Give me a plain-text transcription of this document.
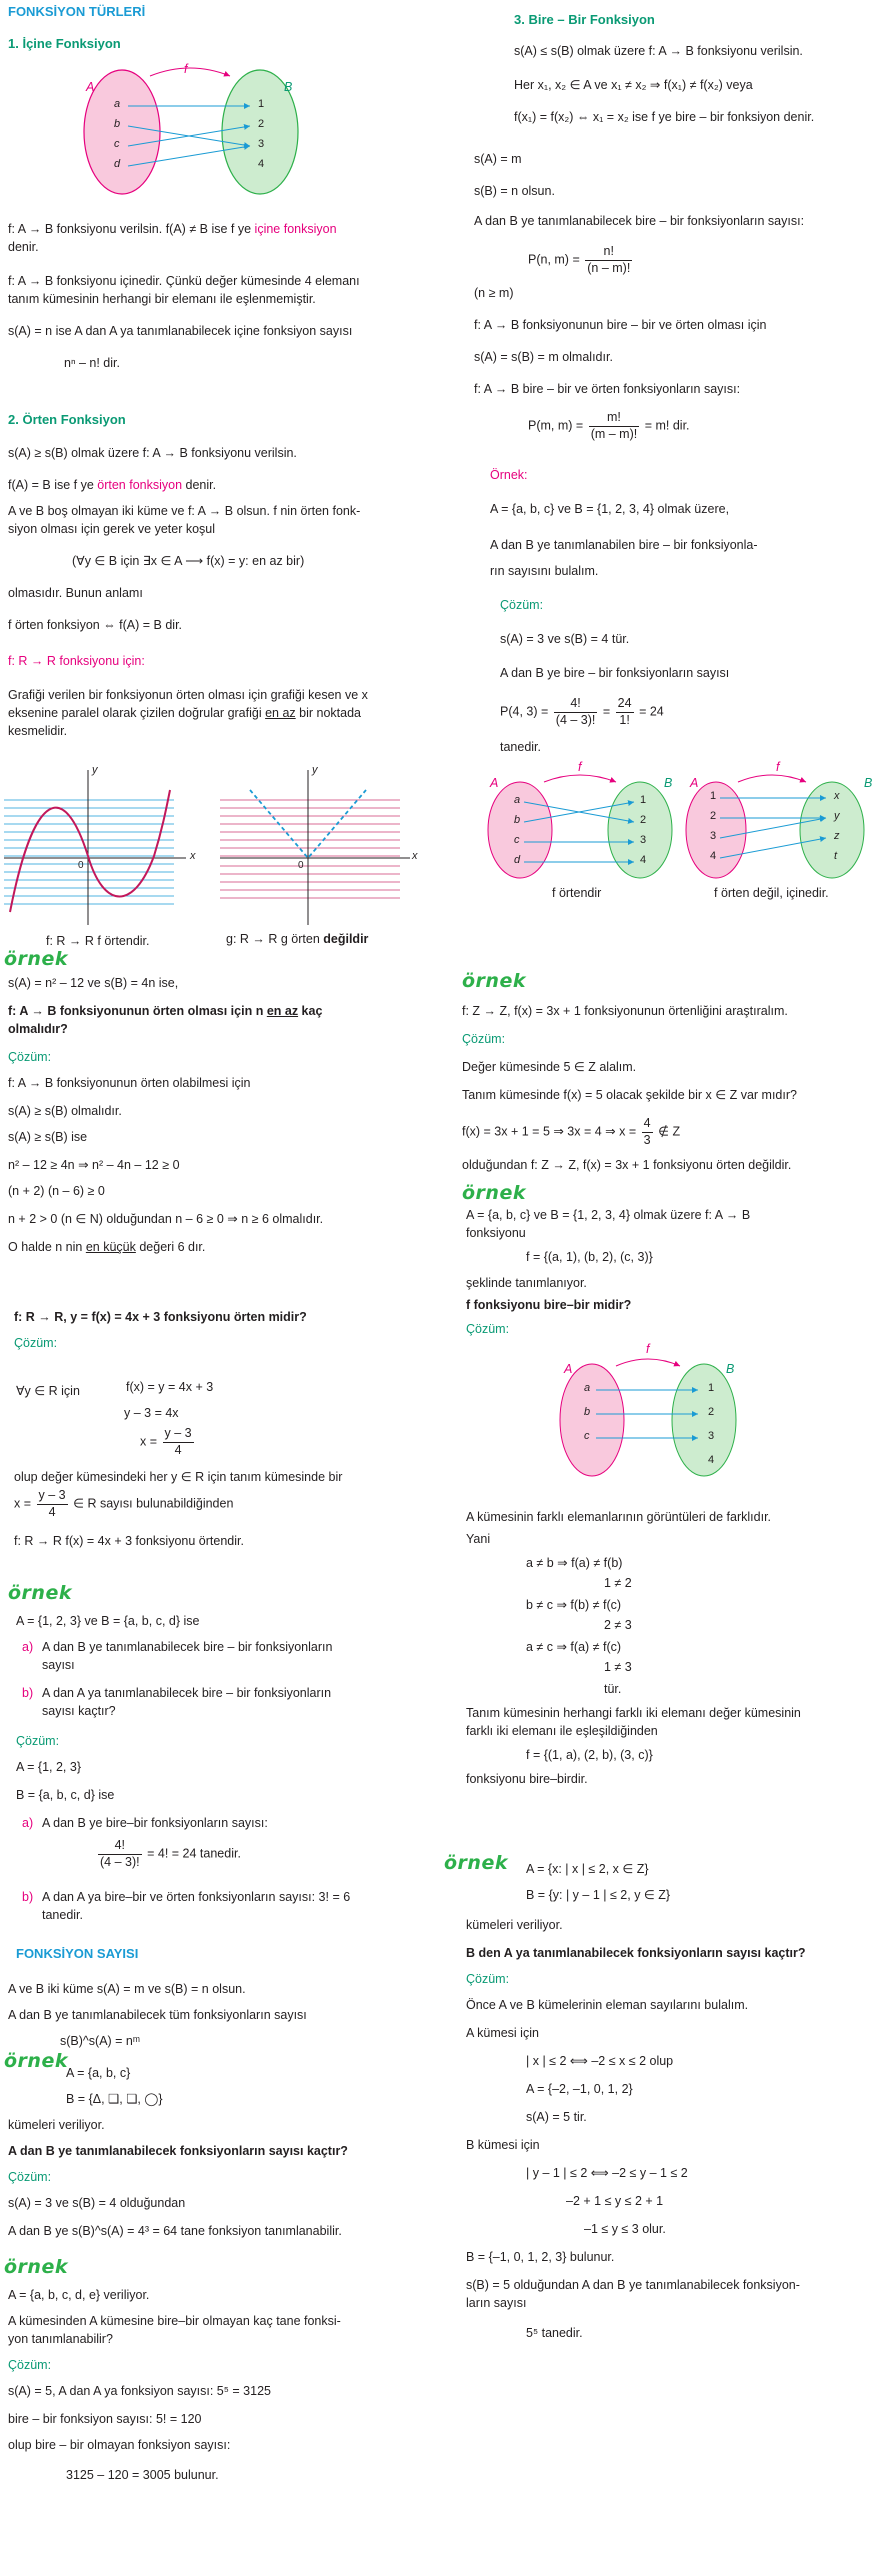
FONKSİYON TÜRLERİ
1. İçine Fonksiyon
A	B
f
a
b
c
d
1
2
3
4
f: A → B fonksiyonu verilsin. f(A) ≠ B ise f ye içine fonksiyon
denir.
f: A → B fonksiyonu içinedir. Çünkü değer kümesinde 4 elemanı
tanım kümesinin herhangi bir elemanı ile eşlenmemiştir.
s(A) = n ise A dan A ya tanımlanabilecek içine fonksiyon sayısı
nⁿ – n! dir.
2. Örten Fonksiyon
s(A) ≥ s(B) olmak üzere f: A → B fonksiyonu verilsin.
f(A) = B ise f ye örten fonksiyon denir.
A ve B boş olmayan iki küme ve f: A → B olsun. f nin örten fonk-
siyon olması için gerek ve yeter koşul
(∀y ∈ B için ∃x ∈ A ⟶ f(x) = y: en az bir)
olmasıdır. Bunun anlamı
f örten fonksiyon ⇔ f(A) = B dir.
f: R → R fonksiyonu için:
Grafiği verilen bir fonksiyonun örten olması için grafiği kesen ve x
eksenine paralel olarak çizilen doğrular grafiği en az bir noktada
kesmelidir.
y
x
0
f: R → R f örtendir.
y
x
0
g: R → R g örten değildir
örnek
s(A) = n² – 12 ve s(B) = 4n ise,
f: A → B fonksiyonunun örten olması için n en az kaç
olmalıdır?
Çözüm:
f: A → B fonksiyonunun örten olabilmesi için
s(A) ≥ s(B) olmalıdır.
s(A) ≥ s(B) ise
n² – 12 ≥ 4n ⇒ n² – 4n – 12 ≥ 0
(n + 2) (n – 6) ≥ 0
n + 2 > 0 (n ∈ N) olduğundan n – 6 ≥ 0 ⇒ n ≥ 6 olmalıdır.
O halde n nin en küçük değeri 6 dır.
f: R → R, y = f(x) = 4x + 3 fonksiyonu örten midir?
Çözüm:
∀y ∈ R için	f(x) = y = 4x + 3
y – 3 = 4x
$x = \frac{y - 3}{4}$
olup değer kümesindeki her y ∈ R için tanım kümesinde bir
$x = \frac{y - 3}{4}$ ∈ R sayısı bulunabildiğinden
f: R → R f(x) = 4x + 3 fonksiyonu örtendir.
örnek
A = {1, 2, 3} ve B = {a, b, c, d} ise
a) A dan B ye tanımlanabilecek bire – bir fonksiyonların
sayısı
b) A dan A ya tanımlanabilecek bire – bir fonksiyonların
sayısı kaçtır?
Çözüm:
A = {1, 2, 3}
B = {a, b, c, d} ise
a) A dan B ye bire–bir fonksiyonların sayısı:
$\frac{4!}{(4 - 3)!} = 4$! = 24 tanedir.
b) A dan A ya bire–bir ve örten fonksiyonların sayısı: 3! = 6
tanedir.
FONKSİYON SAYISI
A ve B iki küme s(A) = m ve s(B) = n olsun.
A dan B ye tanımlanabilecek tüm fonksiyonların sayısı
s(B)^s(A) = nᵐ
örnek
A = {a, b, c}
B = {Δ, ❑, ❏, ◯}
kümeleri veriliyor.
A dan B ye tanımlanabilecek fonksiyonların sayısı kaçtır?
Çözüm:
s(A) = 3 ve s(B) = 4 olduğundan
A dan B ye s(B)^s(A) = 4³ = 64 tane fonksiyon tanımlanabilir.
örnek
A = {a, b, c, d, e} veriliyor.
A kümesinden A kümesine bire–bir olmayan kaç tane fonksi-
yon tanımlanabilir?
Çözüm:
s(A) = 5, A dan A ya fonksiyon sayısı: 5⁵ = 3125
bire – bir fonksiyon sayısı: 5! = 120
olup bire – bir olmayan fonksiyon sayısı:
3125 – 120 = 3005 bulunur.
3. Bire – Bir Fonksiyon
s(A) ≤ s(B) olmak üzere f: A → B fonksiyonu verilsin.
Her x₁, x₂ ∈ A ve x₁ ≠ x₂ ⇒ f(x₁) ≠ f(x₂) veya
f(x₁) = f(x₂) ⇔ x₁ = x₂ ise f ye bire – bir fonksiyon denir.
s(A) = m
s(B) = n olsun.
A dan B ye tanımlanabilecek bire – bir fonksiyonların sayısı:
P(n, $m) = \frac{n!}{(n - m)!}$
(n ≥ m)
f: A → B fonksiyonunun bire – bir ve örten olması için
s(A) = s(B) = m olmalıdır.
f: A → B bire – bir ve örten fonksiyonların sayısı:
P(m, $m) = \frac{m!}{(m - m)!} = m$! dir.
Örnek:
A = {a, b, c} ve B = {1, 2, 3, 4} olmak üzere,
A dan B ye tanımlanabilen bire – bir fonksiyonla-
rın sayısını bulalım.
Çözüm:
s(A) = 3 ve s(B) = 4 tür.
A dan B ye bire – bir fonksiyonların sayısı
P(4, $3) = \frac{4!}{(4 - 3)!} = \frac{24}{1!} = 24$
tanedir.
A	B
f
a
b
c
d
1
2
3
4
f örtendir
A	B
f
1
2
3
4
x
y
z
t
f örten değil, içinedir.
örnek
f: Z → Z, f(x) = 3x + 1 fonksiyonunun örtenliğini araştıralım.
Çözüm:
Değer kümesinde 5 ∈ Z alalım.
Tanım kümesinde f(x) = 5 olacak şekilde bir x ∈ Z var mıdır?
f(x) = 3x + 1 = 5 ⇒ 3x = 4 ⇒ $x = \frac{4}{3}$ ∉ Z
olduğundan f: Z → Z, f(x) = 3x + 1 fonksiyonu örten değildir.
örnek
A = {a, b, c} ve B = {1, 2, 3, 4} olmak üzere f: A → B
fonksiyonu
f = {(a, 1), (b, 2), (c, 3)}
şeklinde tanımlanıyor.
f fonksiyonu bire–bir midir?
Çözüm:
A	B
f
a
b
c
1
2
3
4
A kümesinin farklı elemanlarının görüntüleri de farklıdır.
Yani
a ≠ b ⇒ f(a) ≠ f(b)
1 ≠ 2
b ≠ c ⇒ f(b) ≠ f(c)
2 ≠ 3
a ≠ c ⇒ f(a) ≠ f(c)
1 ≠ 3
tür.
Tanım kümesinin herhangi farklı iki elemanı değer kümesinin
farklı iki elemanı ile eşleşildiğinden
f = {(1, a), (2, b), (3, c)}
fonksiyonu bire–birdir.
örnek A = {x: | x | ≤ 2, x ∈ Z}
B = {y: | y – 1 | ≤ 2, y ∈ Z}
kümeleri veriliyor.
B den A ya tanımlanabilecek fonksiyonların sayısı kaçtır?
Çözüm:
Önce A ve B kümelerinin eleman sayılarını bulalım.
A kümesi için
| x | ≤ 2 ⟺ –2 ≤ x ≤ 2 olup
A = {–2, –1, 0, 1, 2}
s(A) = 5 tir.
B kümesi için
| y – 1 | ≤ 2 ⟺ –2 ≤ y – 1 ≤ 2
–2 + 1 ≤ y ≤ 2 + 1
–1 ≤ y ≤ 3 olur.
B = {–1, 0, 1, 2, 3} bulunur.
s(B) = 5 olduğundan A dan B ye tanımlanabilecek fonksiyon-
ların sayısı
5⁵ tanedir.
